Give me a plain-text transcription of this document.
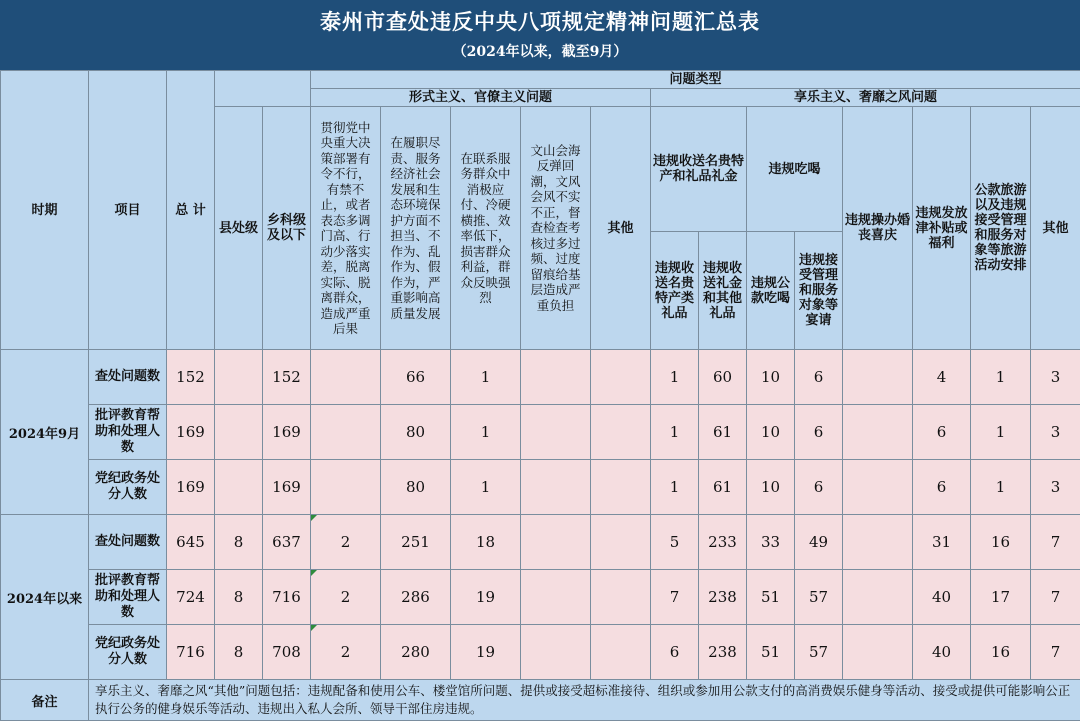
泰州市查处违反中央八项规定精神问题汇总表
（2024年以来，截至9月）
时期	项目	总 计			问题类型												
					形式主义、官僚主义问题					享乐主义、奢靡之风问题							
			县处级	乡科级及以下	贯彻党中央重大决策部署有令不行，有禁不止，或者表态多调门高、行动少落实差，脱离实际、脱离群众，造成严重后果	在履职尽责、服务经济社会发展和生态环境保护方面不担当、不作为、乱作为、假作为，严重影响高质量发展	在联系服务群众中消极应付、冷硬横推、效率低下，损害群众利益，群众反映强烈	文山会海反弹回潮，文风会风不实不正，督查检查考核过多过频、过度留痕给基层造成严重负担	其他	违规收送名贵特产和礼品礼金		违规吃喝		违规操办婚丧喜庆	违规发放津补贴或福利	公款旅游以及违规接受管理和服务对象等旅游活动安排	其他
										违规收送名贵特产类礼品	违规收送礼金和其他礼品	违规公款吃喝	违规接受管理和服务对象等宴请				
2024年9月	查处问题数	152		152		66	1			1	60	10	6		4	1	3
	批评教育帮助和处理人数	169		169		80	1			1	61	10	6		6	1	3
	党纪政务处分人数	169		169		80	1			1	61	10	6		6	1	3
2024年以来	查处问题数	645	8	637	2	251	18			5	233	33	49		31	16	7
	批评教育帮助和处理人数	724	8	716	2	286	19			7	238	51	57		40	17	7
	党纪政务处分人数	716	8	708	2	280	19			6	238	51	57		40	16	7
备注	享乐主义、奢靡之风“其他”问题包括：违规配备和使用公车、楼堂馆所问题、提供或接受超标准接待、组织或参加用公款支付的高消费娱乐健身等活动、接受或提供可能影响公正执行公务的健身娱乐等活动、违规出入私人会所、领导干部住房违规。																
